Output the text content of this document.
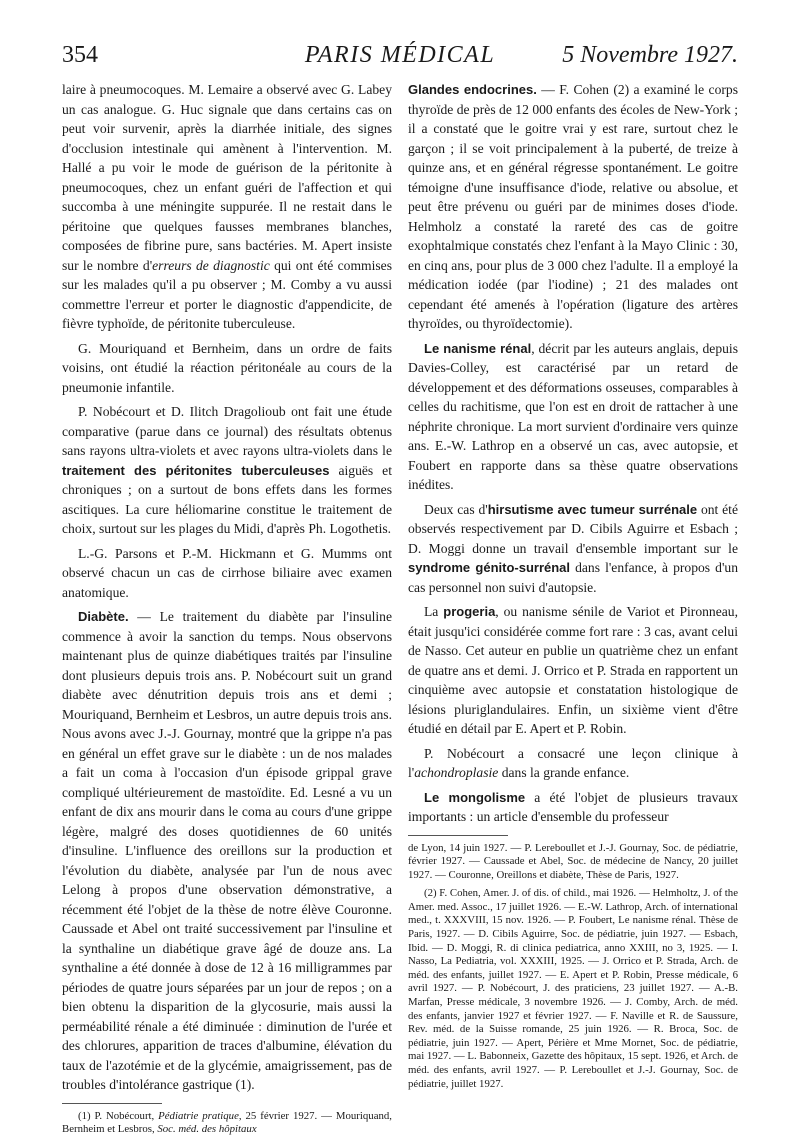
354	PARIS MÉDICAL	5 Novembre 1927.

laire à pneumocoques. M. Lemaire a observé avec G. Labey un cas analogue. G. Huc signale que dans certains cas on peut voir survenir, après la diarrhée initiale, des signes d'occlusion intestinale qui amènent à l'intervention. M. Hallé a pu voir le mode de guérison de la péritonite à pneumocoques, chez un enfant guéri de l'affection et qui succomba à une méningite suppurée. Il ne restait dans le péritoine que quelques fausses membranes blanches, composées de fibrine pure, sans bactéries. M. Apert insiste sur le nombre d'erreurs de diagnostic qui ont été commises sur les malades qu'il a pu observer ; M. Comby a vu aussi commettre l'erreur et porter le diagnostic d'appendicite, de fièvre typhoïde, de péritonite tuberculeuse.

G. Mouriquand et Bernheim, dans un ordre de faits voisins, ont étudié la réaction péritonéale au cours de la pneumonie infantile.

P. Nobécourt et D. Ilitch Dragolioub ont fait une étude comparative (parue dans ce journal) des résultats obtenus sans rayons ultra-violets et avec rayons ultra-violets dans le traitement des péritonites tuberculeuses aiguës et chroniques ; on a surtout de bons effets dans les formes ascitiques. La cure héliomarine constitue le traitement de choix, surtout sur les plages du Midi, d'après Ph. Logothetis.

L.-G. Parsons et P.-M. Hickmann et G. Mumms ont observé chacun un cas de cirrhose biliaire avec examen anatomique.

Diabète. — Le traitement du diabète par l'insuline commence à avoir la sanction du temps. Nous observons maintenant plus de quinze diabétiques traités par l'insuline dont plusieurs depuis trois ans. P. Nobécourt suit un grand diabète avec dénutrition depuis trois ans et demi ; Mouriquand, Bernheim et Lesbros, un autre depuis trois ans. Nous avons avec J.-J. Gournay, montré que la grippe n'a pas en général un effet grave sur le diabète : un de nos malades a fait un coma à l'occasion d'un épisode grippal grave compliqué ultérieurement de mastoïdite. Ed. Lesné a vu un enfant de dix ans mourir dans le coma au cours d'une grippe légère, malgré des doses quotidiennes de 60 unités d'insuline. L'influence des oreillons sur la production et l'évolution du diabète, analysée par l'un de nous avec Lelong à propos d'une observation démonstrative, a récemment été l'objet de la thèse de notre élève Couronne. Caussade et Abel ont traité successivement par l'insuline et la synthaline un diabétique grave âgé de douze ans. La synthaline a été donnée à dose de 12 à 16 milligrammes par périodes de quatre jours séparées par un jour de repos ; on a bien obtenu la disparition de la glycosurie, mais aussi la perméabilité rénale a été diminuée : diminution de l'urée et des chlorures, apparition de traces d'albumine, élévation du taux de l'azotémie et de la glycémie, amaigrissement, pas de troubles d'intolérance gastrique (1).

(1) P. Nobécourt, Pédiatrie pratique, 25 février 1927. — Mouriquand, Bernheim et Lesbros, Soc. méd. des hôpitaux

Glandes endocrines. — F. Cohen (2) a examiné le corps thyroïde de près de 12 000 enfants des écoles de New-York ; il a constaté que le goitre vrai y est rare, surtout chez le garçon ; il se voit principalement à la puberté, de treize à quinze ans, et en général régresse spontanément. Le goitre témoigne d'une insuffisance d'iode, relative ou absolue, et peut être prévenu ou guéri par de minimes doses d'iode. Helmholz a constaté la rareté des cas de goitre exophtalmique constatés chez l'enfant à la Mayo Clinic : 30, en cinq ans, pour plus de 3 000 chez l'adulte. Il a employé la médication iodée (par l'iodine) ; 21 des malades ont cependant été amenés à l'opération (ligature des artères thyroïdes, ou thyroïdectomie).

Le nanisme rénal, décrit par les auteurs anglais, depuis Davies-Colley, est caractérisé par un retard de développement et des déformations osseuses, comparables à celles du rachitisme, que l'on est en droit de rattacher à une néphrite chronique. La mort survient d'ordinaire vers quinze ans. E.-W. Lathrop en a observé un cas, avec autopsie, et Foubert en rapporte dans sa thèse quatre observations inédites.

Deux cas d'hirsutisme avec tumeur surrénale ont été observés respectivement par D. Cibils Aguirre et Esbach ; D. Moggi donne un travail d'ensemble important sur le syndrome génito-surrénal dans l'enfance, à propos d'un cas personnel non suivi d'autopsie.

La progeria, ou nanisme sénile de Variot et Pironneau, était jusqu'ici considérée comme fort rare : 3 cas, avant celui de Nasso. Cet auteur en publie un quatrième chez un enfant de quatre ans et demi. J. Orrico et P. Strada en rapportent un cinquième avec autopsie et constatation histologique de lésions pluriglandulaires. Enfin, un sixième vient d'être étudié en détail par E. Apert et P. Robin.

P. Nobécourt a consacré une leçon clinique à l'achondroplasie dans la grande enfance.

Le mongolisme a été l'objet de plusieurs travaux importants : un article d'ensemble du professeur

de Lyon, 14 juin 1927. — P. Lereboullet et J.-J. Gournay, Soc. de pédiatrie, février 1927. — Caussade et Abel, Soc. de médecine de Nancy, 20 juillet 1927. — Couronne, Oreillons et diabète, Thèse de Paris, 1927.

(2) F. Cohen, Amer. J. of dis. of child., mai 1926. — Helmholtz, J. of the Amer. med. Assoc., 17 juillet 1926. — E.-W. Lathrop, Arch. of international med., t. XXXVIII, 15 nov. 1926. — P. Foubert, Le nanisme rénal. Thèse de Paris, 1927. — D. Cibils Aguirre, Soc. de pédiatrie, juin 1927. — Esbach, Ibid. — D. Moggi, R. di clinica pediatrica, anno XXIII, no 3, 1925. — I. Nasso, La Pediatria, vol. XXXIII, 1925. — J. Orrico et P. Strada, Arch. de méd. des enfants, juillet 1927. — E. Apert et P. Robin, Presse médicale, 6 avril 1927. — P. Nobécourt, J. des praticiens, 23 juillet 1927. — A.-B. Marfan, Presse médicale, 3 novembre 1926. — J. Comby, Arch. de méd. des enfants, janvier 1927 et février 1927. — F. Naville et R. de Saussure, Rev. méd. de la Suisse romande, 25 juin 1926. — R. Broca, Soc. de pédiatrie, juin 1927. — Apert, Périère et Mme Mornet, Soc. de pédiatrie, mai 1927. — L. Babonneix, Gazette des hôpitaux, 15 sept. 1926, et Arch. de méd. des enfants, avril 1927. — P. Lereboullet et J.-J. Gournay, Soc. de pédiatrie, juillet 1927.
